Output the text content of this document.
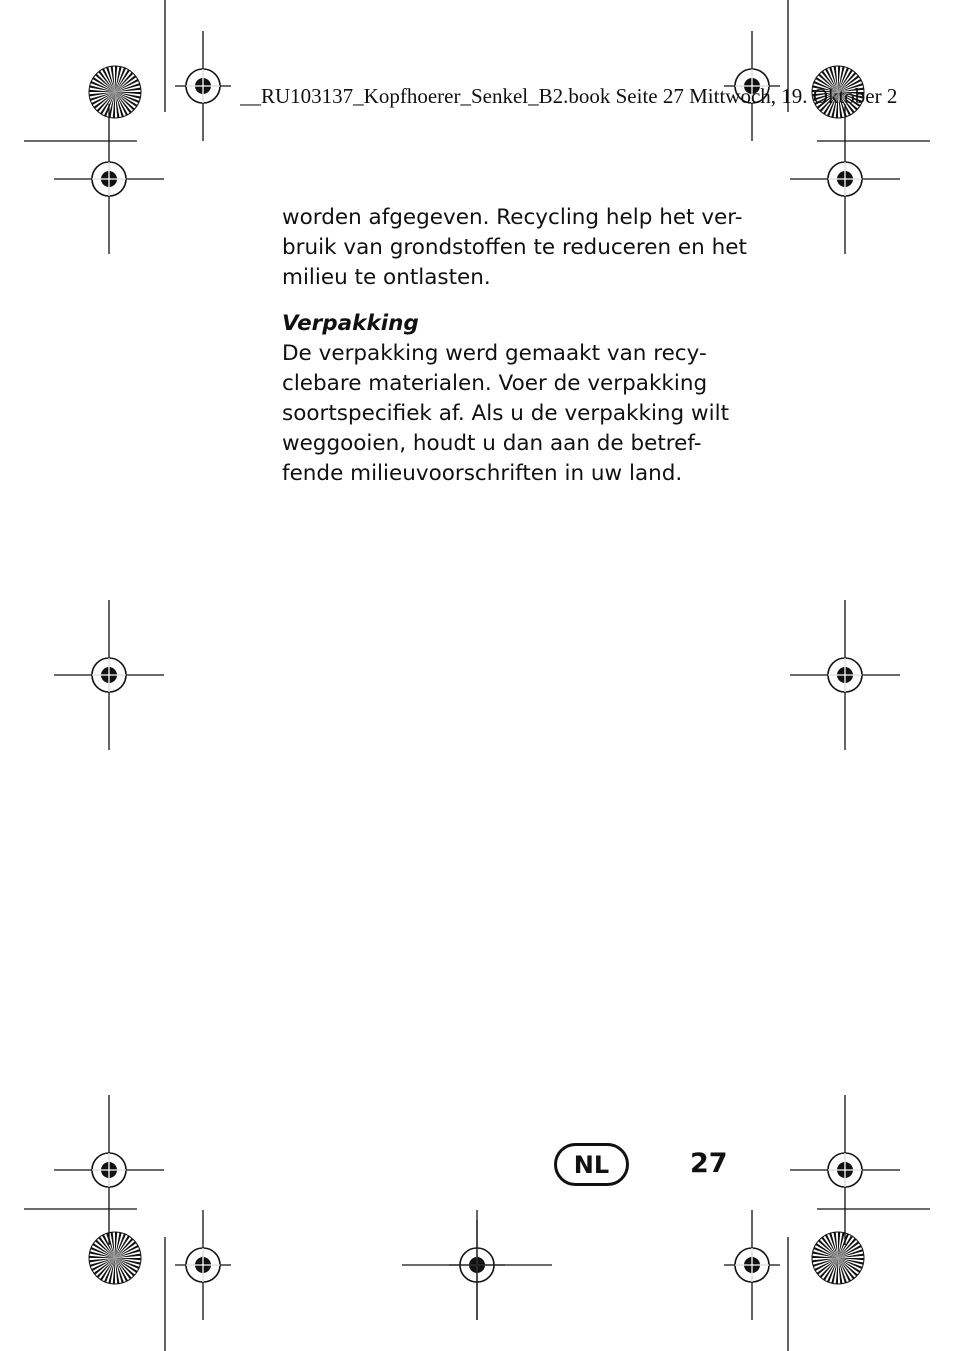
__RU103137_Kopfhoerer_Senkel_B2.book Seite 27 Mittwoch, 19. Oktober 2

worden afgegeven. Recycling help het ver-
bruik van grondstoffen te reduceren en het
milieu te ontlasten.

Verpakking

De verpakking werd gemaakt van recy-
clebare materialen. Voer de verpakking
soortspecifiek af. Als u de verpakking wilt
weggooien, houdt u dan aan de betref-
fende milieuvoorschriften in uw land.

NL	27
